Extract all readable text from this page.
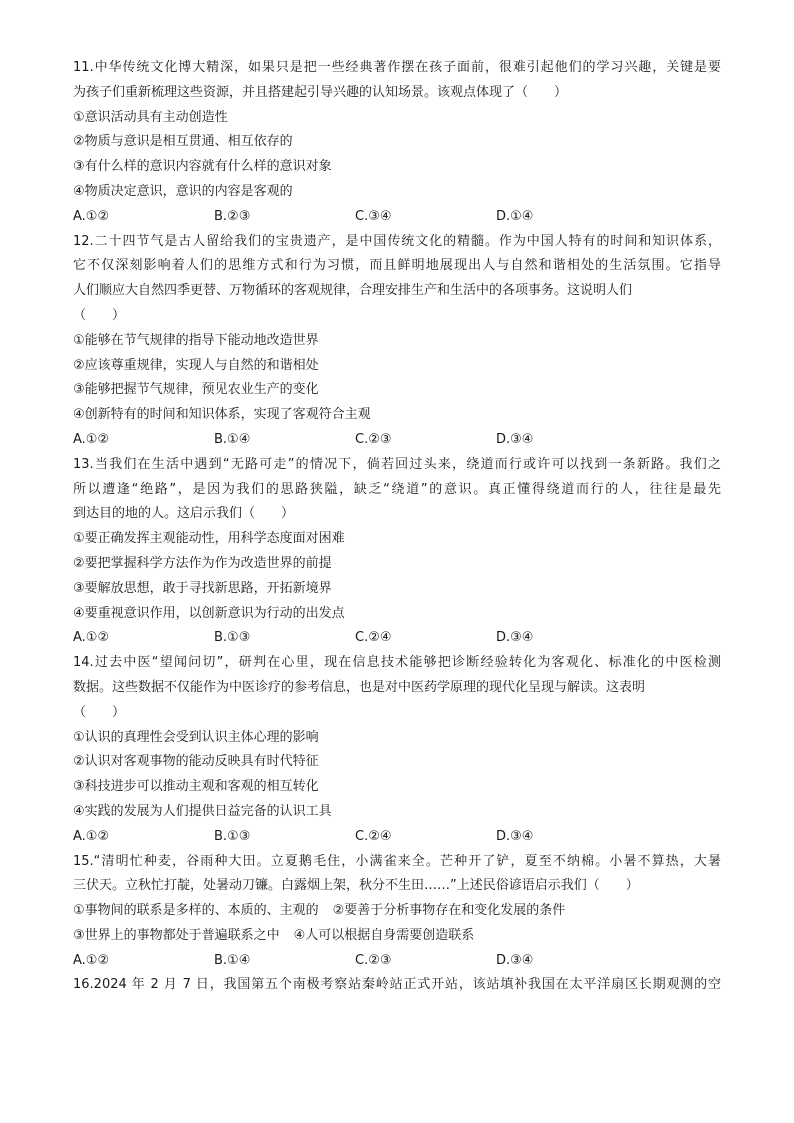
11.中华传统文化博大精深，如果只是把一些经典著作摆在孩子面前，很难引起他们的学习兴趣，关键是要
为孩子们重新梳理这些资源，并且搭建起引导兴趣的认知场景。该观点体现了（　　）
①意识活动具有主动创造性
②物质与意识是相互贯通、相互依存的
③有什么样的意识内容就有什么样的意识对象
④物质决定意识，意识的内容是客观的
A.①②	B.②③	C.③④	D.①④
12.二十四节气是古人留给我们的宝贵遗产，是中国传统文化的精髓。作为中国人特有的时间和知识体系，
它不仅深刻影响着人们的思维方式和行为习惯，而且鲜明地展现出人与自然和谐相处的生活氛围。它指导
人们顺应大自然四季更替、万物循环的客观规律，合理安排生产和生活中的各项事务。这说明人们
（　　）
①能够在节气规律的指导下能动地改造世界
②应该尊重规律，实现人与自然的和谐相处
③能够把握节气规律，预见农业生产的变化
④创新特有的时间和知识体系，实现了客观符合主观
A.①②	B.①④	C.②③	D.③④
13.当我们在生活中遇到“无路可走”的情况下，倘若回过头来，绕道而行或许可以找到一条新路。我们之
所以遭逢“绝路”，是因为我们的思路狭隘，缺乏“绕道”的意识。真正懂得绕道而行的人，往往是最先
到达目的地的人。这启示我们（　　）
①要正确发挥主观能动性，用科学态度面对困难
②要把掌握科学方法作为作为改造世界的前提
③要解放思想，敢于寻找新思路，开拓新境界
④要重视意识作用，以创新意识为行动的出发点
A.①②	B.①③	C.②④	D.③④
14.过去中医“望闻问切”，研判在心里，现在信息技术能够把诊断经验转化为客观化、标准化的中医检测
数据。这些数据不仅能作为中医诊疗的参考信息，也是对中医药学原理的现代化呈现与解读。这表明
（　　）
①认识的真理性会受到认识主体心理的影响
②认识对客观事物的能动反映具有时代特征
③科技进步可以推动主观和客观的相互转化
④实践的发展为人们提供日益完备的认识工具
A.①②	B.①③	C.②④	D.③④
15.“清明忙种麦，谷雨种大田。立夏鹅毛住，小满雀来全。芒种开了铲，夏至不纳棉。小暑不算热，大暑
三伏天。立秋忙打靛，处暑动刀镰。白露烟上架，秋分不生田……”上述民俗谚语启示我们（　　）
①事物间的联系是多样的、本质的、主观的 ②要善于分析事物存在和变化发展的条件
③世界上的事物都处于普遍联系之中 ④人可以根据自身需要创造联系
A.①②	B.①④	C.②③	D.③④
16.2024 年 2 月 7 日，我国第五个南极考察站秦岭站正式开站，该站填补我国在太平洋扇区长期观测的空
